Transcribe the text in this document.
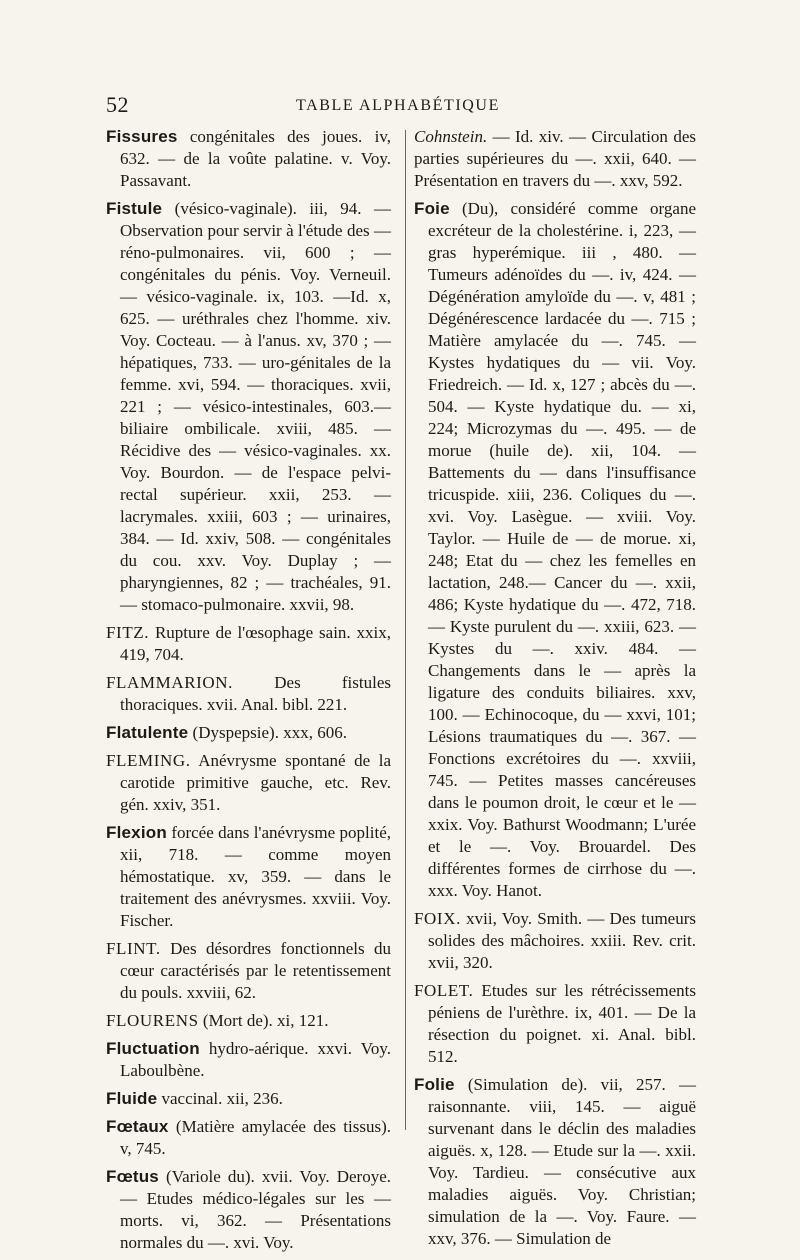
52	TABLE ALPHABÉTIQUE

Fissures congénitales des joues. iv, 632. — de la voûte palatine. v. Voy. Passavant.

Fistule (vésico-vaginale). iii, 94. — Observation pour servir à l'étude des — réno-pulmonaires. vii, 600 ; — congénitales du pénis. Voy. Verneuil. — vésico-vaginale. ix, 103. —Id. x, 625. — uréthrales chez l'homme. xiv. Voy. Cocteau. — à l'anus. xv, 370 ; — hépatiques, 733. — uro-génitales de la femme. xvi, 594. — thoraciques. xvii, 221 ; — vésico-intestinales, 603.— biliaire ombilicale. xviii, 485. — Récidive des — vésico-vaginales. xx. Voy. Bourdon. — de l'espace pelvi-rectal supérieur. xxii, 253. — lacrymales. xxiii, 603 ; — urinaires, 384. — Id. xxiv, 508. — congénitales du cou. xxv. Voy. Duplay ; — pharyngiennes, 82 ; — trachéales, 91. — stomaco-pulmonaire. xxvii, 98.

FITZ. Rupture de l'œsophage sain. xxix, 419, 704.

FLAMMARION. Des fistules thoraciques. xvii. Anal. bibl. 221.

Flatulente (Dyspepsie). xxx, 606.

FLEMING. Anévrysme spontané de la carotide primitive gauche, etc. Rev. gén. xxiv, 351.

Flexion forcée dans l'anévrysme poplité, xii, 718. — comme moyen hémostatique. xv, 359. — dans le traitement des anévrysmes. xxviii. Voy. Fischer.

FLINT. Des désordres fonctionnels du cœur caractérisés par le retentissement du pouls. xxviii, 62.

FLOURENS (Mort de). xi, 121.

Fluctuation hydro-aérique. xxvi. Voy. Laboulbène.

Fluide vaccinal. xii, 236.

Fœtaux (Matière amylacée des tissus). v, 745.

Fœtus (Variole du). xvii. Voy. Deroye. — Etudes médico-légales sur les — morts. vi, 362. — Présentations normales du —. xvi. Voy.

Cohnstein. — Id. xiv. — Circulation des parties supérieures du —. xxii, 640. — Présentation en travers du —. xxv, 592.

Foie (Du), considéré comme organe excréteur de la cholestérine. i, 223, — gras hyperémique. iii , 480. — Tumeurs adénoïdes du —. iv, 424. — Dégénération amyloïde du —. v, 481 ; Dégénérescence lardacée du —. 715 ; Matière amylacée du —. 745. — Kystes hydatiques du — vii. Voy. Friedreich. — Id. x, 127 ; abcès du —. 504. — Kyste hydatique du. — xi, 224; Microzymas du —. 495. — de morue (huile de). xii, 104. — Battements du — dans l'insuffisance tricuspide. xiii, 236. Coliques du —. xvi. Voy. Lasègue. — xviii. Voy. Taylor. — Huile de — de morue. xi, 248; Etat du — chez les femelles en lactation, 248.— Cancer du —. xxii, 486; Kyste hydatique du —. 472, 718.— Kyste purulent du —. xxiii, 623. — Kystes du —. xxiv. 484. — Changements dans le — après la ligature des conduits biliaires. xxv, 100. — Echinocoque, du — xxvi, 101; Lésions traumatiques du —. 367. — Fonctions excrétoires du —. xxviii, 745. — Petites masses cancéreuses dans le poumon droit, le cœur et le — xxix. Voy. Bathurst Woodmann; L'urée et le —. Voy. Brouardel. Des différentes formes de cirrhose du —. xxx. Voy. Hanot.

FOIX. xvii, Voy. Smith. — Des tumeurs solides des mâchoires. xxiii. Rev. crit. xvii, 320.

FOLET. Etudes sur les rétrécissements péniens de l'urèthre. ix, 401. — De la résection du poignet. xi. Anal. bibl. 512.

Folie (Simulation de). vii, 257. — raisonnante. viii, 145. — aiguë survenant dans le déclin des maladies aiguës. x, 128. — Etude sur la —. xxii. Voy. Tardieu. — consécutive aux maladies aiguës. Voy. Christian; simulation de la —. Voy. Faure. — xxv, 376. — Simulation de
